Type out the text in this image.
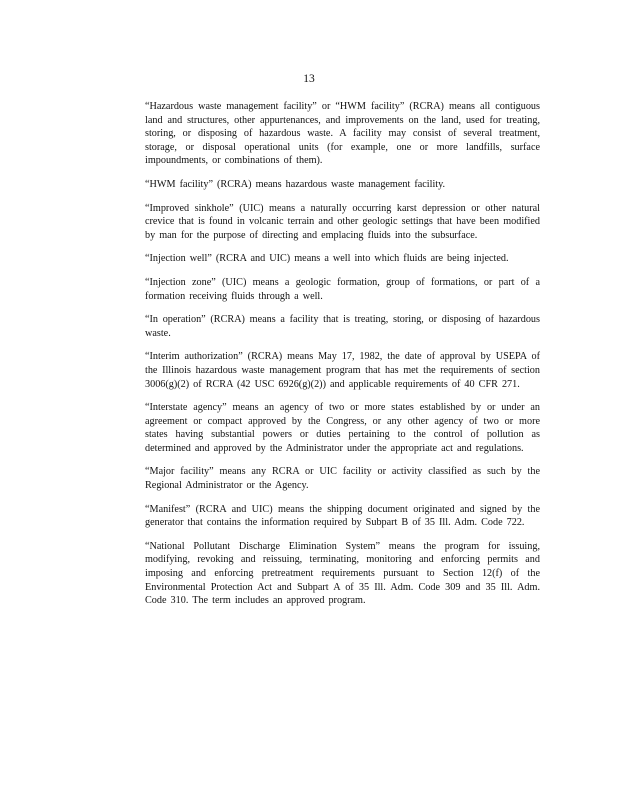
13

“Hazardous waste management facility” or “HWM facility” (RCRA) means all contiguous land and structures, other appurtenances, and improvements on the land, used for treating, storing, or disposing of hazardous waste. A facility may consist of several treatment, storage, or disposal operational units (for example, one or more landfills, surface impoundments, or combinations of them).

“HWM facility” (RCRA) means hazardous waste management facility.

“Improved sinkhole” (UIC) means a naturally occurring karst depression or other natural crevice that is found in volcanic terrain and other geologic settings that have been modified by man for the purpose of directing and emplacing fluids into the subsurface.

“Injection well” (RCRA and UIC) means a well into which fluids are being injected.

“Injection zone” (UIC) means a geologic formation, group of formations, or part of a formation receiving fluids through a well.

“In operation” (RCRA) means a facility that is treating, storing, or disposing of hazardous waste.

“Interim authorization” (RCRA) means May 17, 1982, the date of approval by USEPA of the Illinois hazardous waste management program that has met the requirements of section 3006(g)(2) of RCRA (42 USC 6926(g)(2)) and applicable requirements of 40 CFR 271.

“Interstate agency” means an agency of two or more states established by or under an agreement or compact approved by the Congress, or any other agency of two or more states having substantial powers or duties pertaining to the control of pollution as determined and approved by the Administrator under the appropriate act and regulations.

“Major facility” means any RCRA or UIC facility or activity classified as such by the Regional Administrator or the Agency.

“Manifest” (RCRA and UIC) means the shipping document originated and signed by the generator that contains the information required by Subpart B of 35 Ill. Adm. Code 722.

“National Pollutant Discharge Elimination System” means the program for issuing, modifying, revoking and reissuing, terminating, monitoring and enforcing permits and imposing and enforcing pretreatment requirements pursuant to Section 12(f) of the Environmental Protection Act and Subpart A of 35 Ill. Adm. Code 309 and 35 Ill. Adm. Code 310. The term includes an approved program.
